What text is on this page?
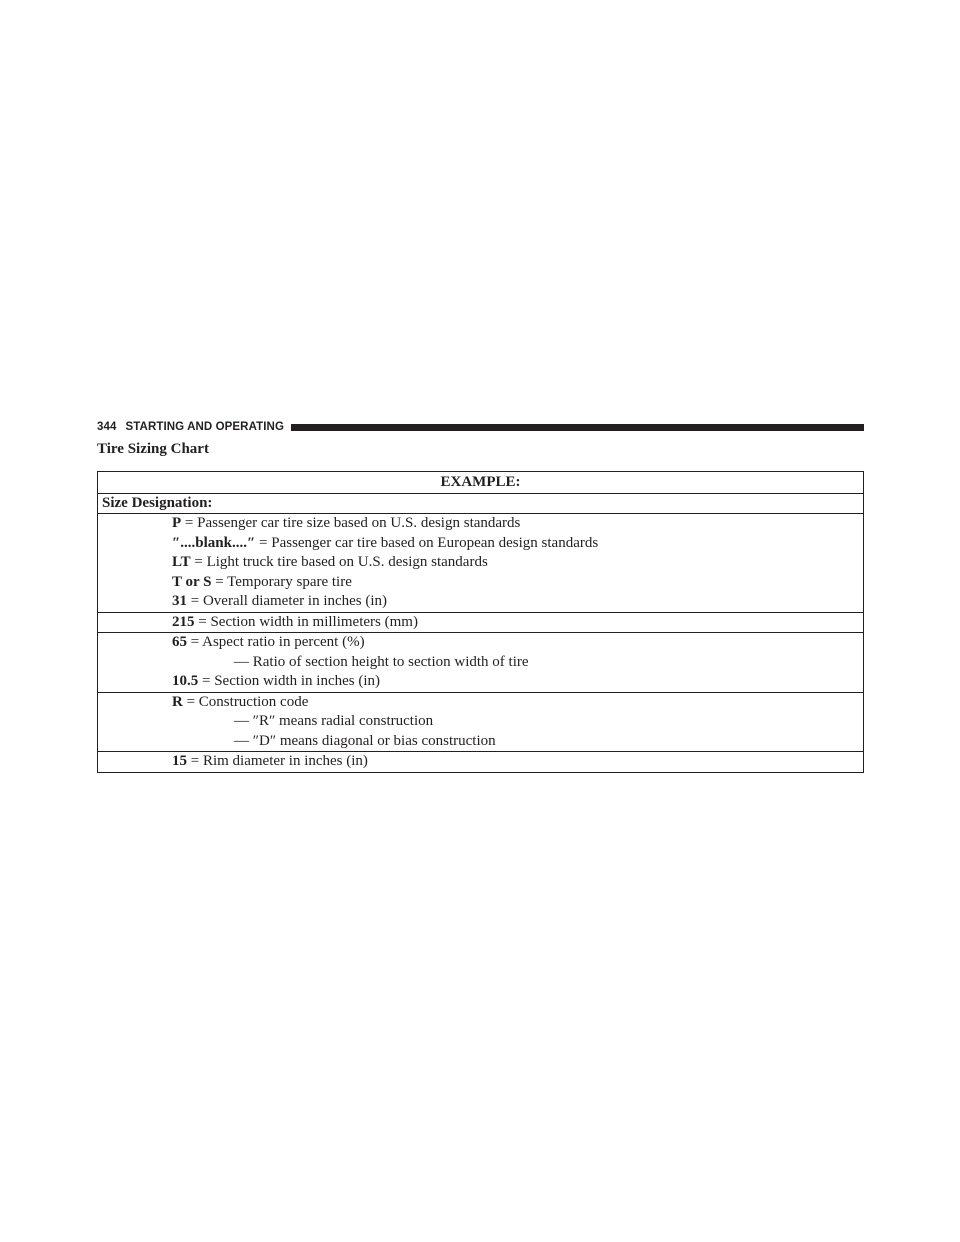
344 STARTING AND OPERATING
Tire Sizing Chart
EXAMPLE:
Size Designation:

P = Passenger car tire size based on U.S. design standards
″....blank....″ = Passenger car tire based on European design standards
LT = Light truck tire based on U.S. design standards
T or S = Temporary spare tire
31 = Overall diameter in inches (in)

215 = Section width in millimeters (mm)

65 = Aspect ratio in percent (%)
— Ratio of section height to section width of tire
10.5 = Section width in inches (in)

R = Construction code
— ″R″ means radial construction
— ″D″ means diagonal or bias construction

15 = Rim diameter in inches (in)
